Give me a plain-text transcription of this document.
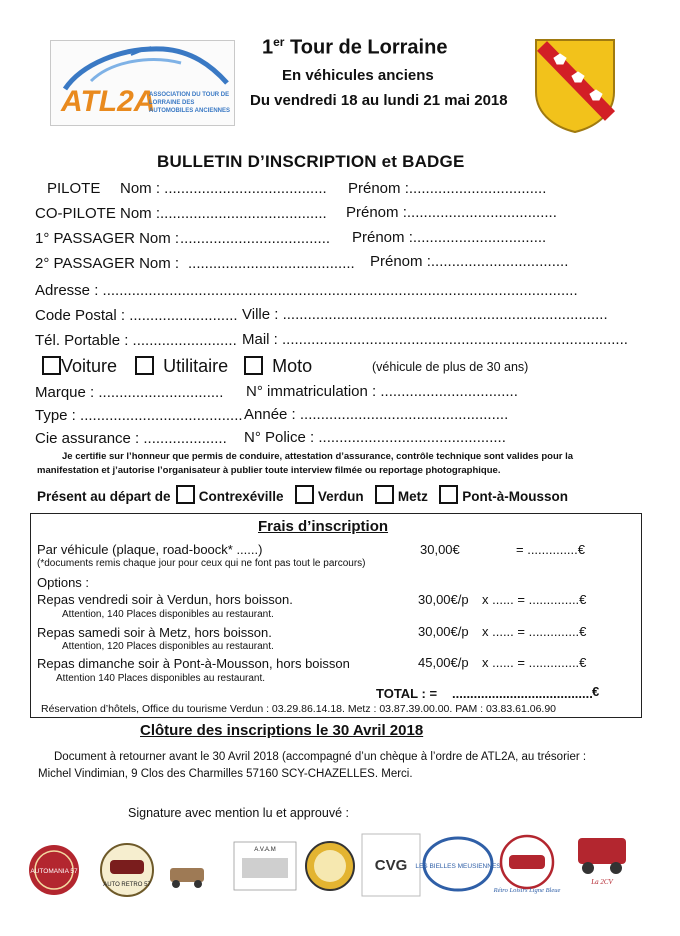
ATL2A
ASSOCIATION DU TOUR DE LORRAINE DES AUTOMOBILES ANCIENNES
1er Tour de Lorraine
En véhicules anciens
Du vendredi 18 au lundi 21 mai 2018
BULLETIN D’INSCRIPTION et BADGE
PILOTE Nom : ....................................... Prénom :.................................
CO-PILOTE Nom : ........................................ Prénom :....................................
1° PASSAGER Nom : .................................... Prénom :................................
2° PASSAGER Nom : ........................................ Prénom :.................................
Adresse : ..................................................................................................................
Code Postal : .......................... Ville : ..............................................................................
Tél. Portable : ......................... Mail : ...................................................................................
Voiture	Utilitaire Moto	(véhicule de plus de 30 ans)
Marque : .............................. N° immatriculation : .................................
Type : ....................................... Année : ..................................................
Cie assurance : .................... N° Police : .............................................
Je certifie sur l’honneur que permis de conduire, attestation d’assurance, contrôle technique sont valides pour la
manifestation et j’autorise l’organisateur à publier toute interview filmée ou reportage photographique.
Présent au départ de	Contrexéville	Verdun	Metz	Pont-à-Mousson
Frais d’inscription
Par véhicule (plaque, road-boock* ......)	30,00€	= ..............€
(*documents remis chaque jour pour ceux qui ne font pas tout le parcours)
Options :
Repas vendredi soir à Verdun, hors boisson.
Attention, 140 Places disponibles au restaurant.
30,00€/p x ...... = ..............€
Repas samedi soir à Metz, hors boisson.
Attention, 120 Places disponibles au restaurant.
30,00€/p x ...... = ..............€
Repas dimanche soir à Pont-à-Mousson, hors boisson
Attention 140 Places disponibles au restaurant.
45,00€/p x ...... = ..............€
TOTAL : = ....................................... €
Réservation d’hôtels, Office du tourisme Verdun : 03.29.86.14.18. Metz : 03.87.39.00.00. PAM : 03.83.61.06.90
Clôture des inscriptions le 30 Avril 2018
Document à retourner avant le 30 Avril 2018 (accompagné d’un chèque à l’ordre de ATL2A, au trésorier :
Michel Vindimian, 9 Clos des Charmilles 57160 SCY-CHAZELLES. Merci.
Signature avec mention lu et approuvé :
AUTOMANIA 57
AUTO RETRO 57
A.V.A.M
CVG LES BIELLES MEUSIENNES
Rétro Loisirs Ligne Bleue
La 2CV
